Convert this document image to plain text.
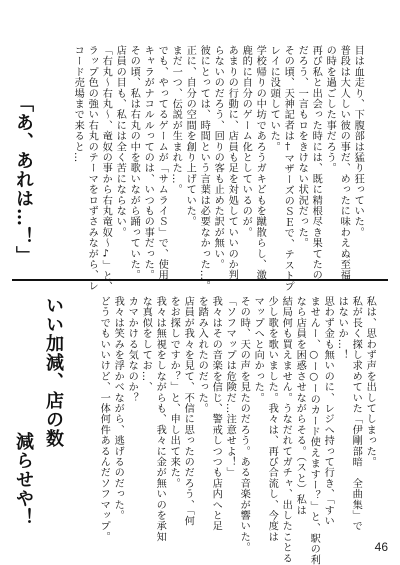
「あ、あれは…！」	コード売場まで来ると… ラップ色の強い右丸のテーマをロずさみながら、レ 「右丸～右丸～、竜奴の事から右丸竜奴～♪」と、 店員の目も、私には全く苦にならない。 その頃、私は右丸の中を歌いながら踊っていた。 キャラがナコルルってのは、いつもの事だった。 でも、やってるゲームが「サムライＳ」で、使用 まだ一つ、伝説が生まれた…。 正に、自分の空間を創り上げていた。 彼にとっては、時間という言葉は必要なかった…。 らないのだろう、回りの客も止めた訳が無い。 あまりの行動に、店員も足を対処していいのか判 鹿的に自分のゲーム化としているのが。 学校帰りの中坊であろうガキどもを蹴散らし、激 レイに没頭していた。 その頃、天神記者は†マザーズのＳＥで、テストプ だろう、一言もロをきけない状況だった。 再び私と出会った時には、既に精根尽き果てたの の時を過ごした事だろう。 普段は大人しい彼の事だ、めったに味わえぬ至福 目は血走り、下腹部は猛り狂っていた。
減らせや！
いい加減、店の数	どうでもいいけど、一体何件あるんだソフマップ。 我々は笑みを浮かべながら、逃げるのだった。 カマかける気なのか？ な真似をしてお…、 我々は無視をしながらも、我々に金が無いのを承知 をお探しですか？」と、申し出て来た。 店員が我々を見て、不信に思ったのだろう、「何 を踏み入れたのだった。 我々はその音楽を信じ、警戒しつつも店内へと足 「ソフマップは危険だ…注意せよ！」 その時、天の声を見たのだろう。ある音楽が響いた。 マップへと向かった。 少し歌を歌いました。我々は、再び合流し、今度は 結局何も買えません。うなだれてガチャ、出したことる なら店員を困惑させながらそる。（スと）私は ませんー、○ー○ーのカード使えますー？」と、駅の利 思わず金も無いのに、レジへ持って行き、「すい はないか…！ 私が長く探し求めていた「伊剛部暗　全曲集」で 私は、思わず声を出してしまった。
46
